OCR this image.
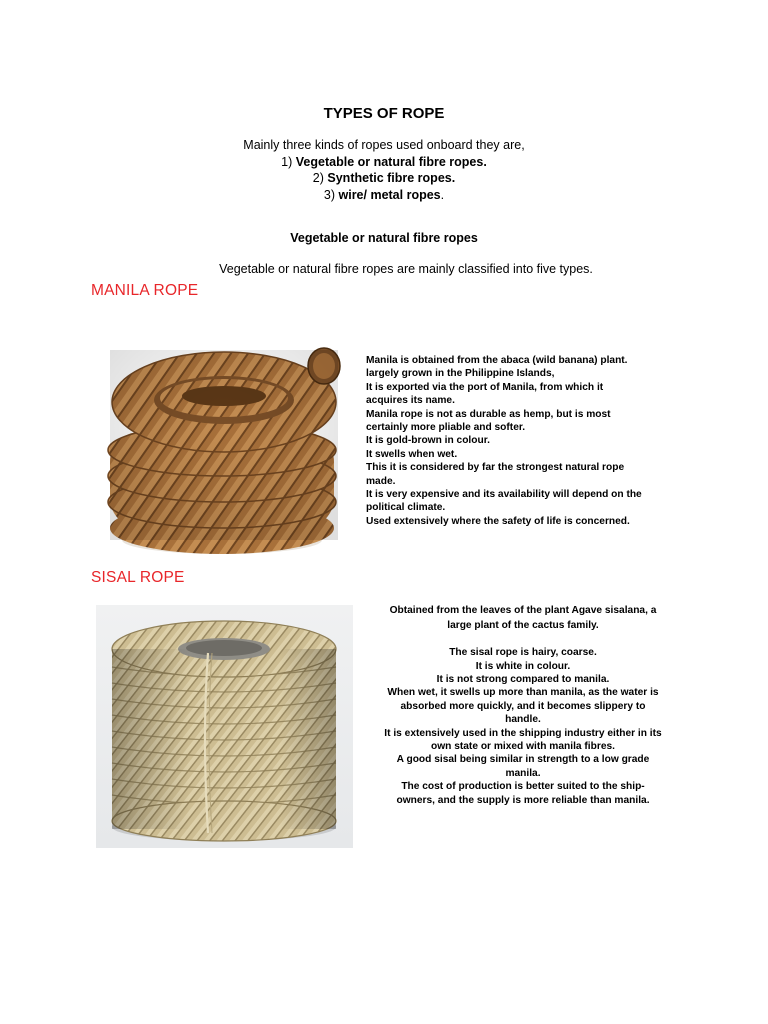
TYPES OF ROPE
Mainly three kinds of ropes used onboard they are,
1) Vegetable or natural fibre ropes.
2) Synthetic fibre ropes.
3) wire/ metal ropes.
Vegetable or natural fibre ropes
Vegetable or natural fibre ropes are mainly classified into five types.
MANILA ROPE
Manila is obtained from the abaca (wild banana) plant.
largely grown in the Philippine Islands,
It is exported via the port of Manila, from which it
acquires its name.
Manila rope is not as durable as hemp, but is most
certainly more pliable and softer.
It is gold-brown in colour.
It swells when wet.
This it is considered by far the strongest natural rope
made.
It is very expensive and its availability will depend on the
political climate.
Used extensively where the safety of life is concerned.
SISAL ROPE
Obtained from the leaves of the plant Agave sisalana, a
large plant of the cactus family.
The sisal rope is hairy, coarse.
It is white in colour.
It is not strong compared to manila.
When wet, it swells up more than manila, as the water is
absorbed more quickly, and it becomes slippery to
handle.
It is extensively used in the shipping industry either in its
own state or mixed with manila fibres.
A good sisal being similar in strength to a low grade
manila.
The cost of production is better suited to the ship-
owners, and the supply is more reliable than manila.
